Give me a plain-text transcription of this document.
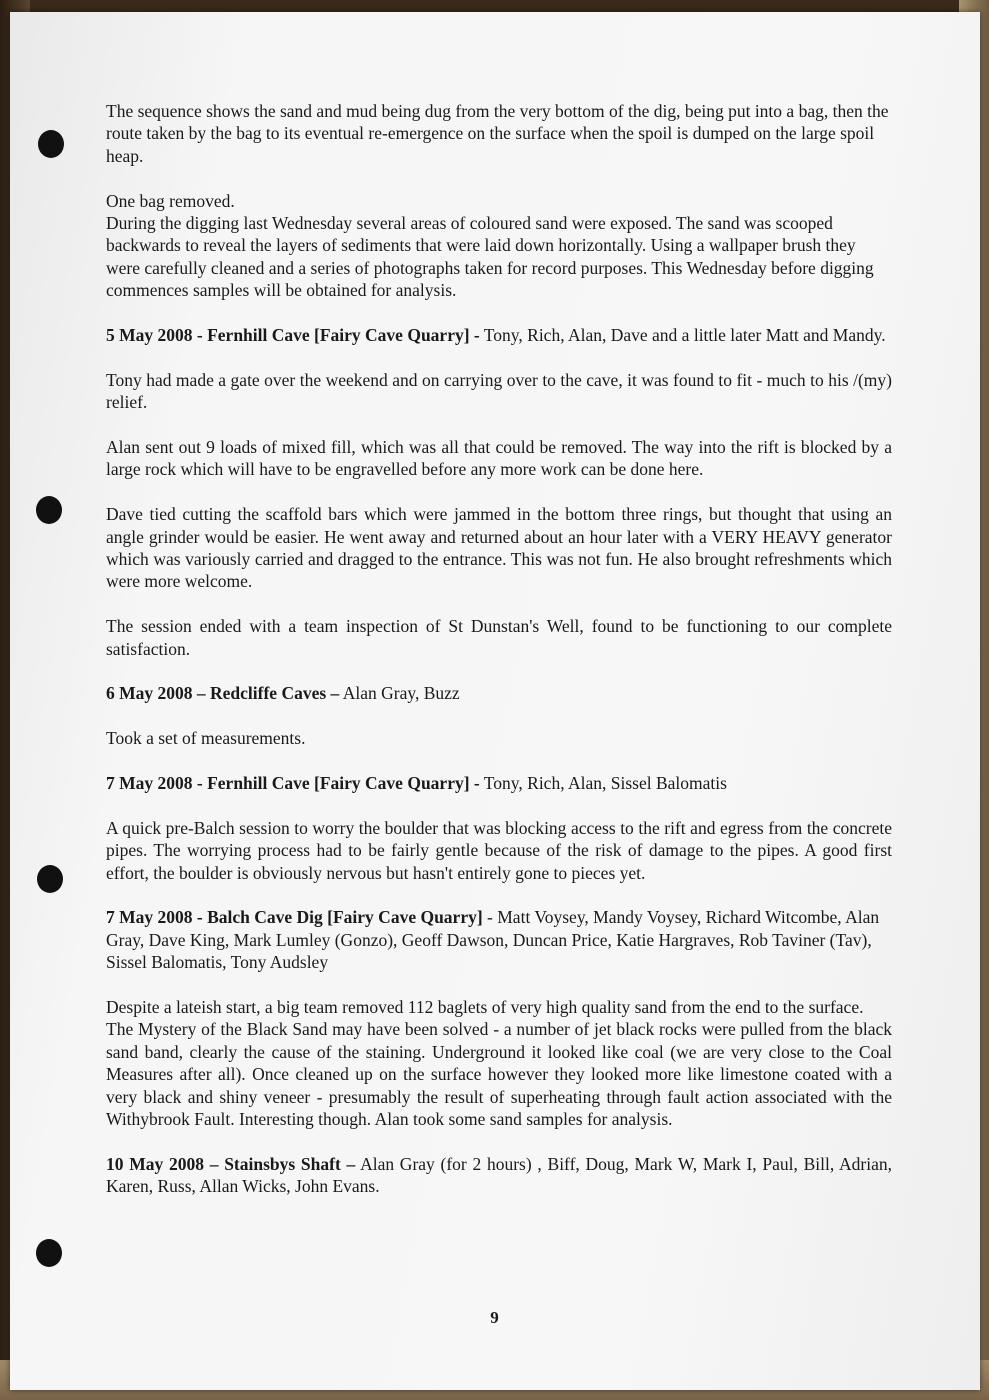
The sequence shows the sand and mud being dug from the very bottom of the dig, being put into a bag, then the route taken by the bag to its eventual re-emergence on the surface when the spoil is dumped on the large spoil heap.

One bag removed.

During the digging last Wednesday several areas of coloured sand were exposed. The sand was scooped backwards to reveal the layers of sediments that were laid down horizontally. Using a wallpaper brush they were carefully cleaned and a series of photographs taken for record purposes. This Wednesday before digging commences samples will be obtained for analysis.

5 May 2008 - Fernhill Cave [Fairy Cave Quarry] - Tony, Rich, Alan, Dave and a little later Matt and Mandy.

Tony had made a gate over the weekend and on carrying over to the cave, it was found to fit - much to his /(my) relief.

Alan sent out 9 loads of mixed fill, which was all that could be removed. The way into the rift is blocked by a large rock which will have to be engravelled before any more work can be done here.

Dave tied cutting the scaffold bars which were jammed in the bottom three rings, but thought that using an angle grinder would be easier. He went away and returned about an hour later with a VERY HEAVY generator which was variously carried and dragged to the entrance. This was not fun. He also brought refreshments which were more welcome.

The session ended with a team inspection of St Dunstan's Well, found to be functioning to our complete satisfaction.

6 May 2008 – Redcliffe Caves – Alan Gray, Buzz

Took a set of measurements.

7 May 2008 - Fernhill Cave [Fairy Cave Quarry] - Tony, Rich, Alan, Sissel Balomatis

A quick pre-Balch session to worry the boulder that was blocking access to the rift and egress from the concrete pipes. The worrying process had to be fairly gentle because of the risk of damage to the pipes. A good first effort, the boulder is obviously nervous but hasn't entirely gone to pieces yet.

7 May 2008 - Balch Cave Dig [Fairy Cave Quarry] - Matt Voysey, Mandy Voysey, Richard Witcombe, Alan Gray, Dave King, Mark Lumley (Gonzo), Geoff Dawson, Duncan Price, Katie Hargraves, Rob Taviner (Tav), Sissel Balomatis, Tony Audsley

Despite a lateish start, a big team removed 112 baglets of very high quality sand from the end to the surface.

The Mystery of the Black Sand may have been solved - a number of jet black rocks were pulled from the black sand band, clearly the cause of the staining. Underground it looked like coal (we are very close to the Coal Measures after all). Once cleaned up on the surface however they looked more like limestone coated with a very black and shiny veneer - presumably the result of superheating through fault action associated with the Withybrook Fault. Interesting though. Alan took some sand samples for analysis.

10 May 2008 – Stainsbys Shaft – Alan Gray (for 2 hours) , Biff, Doug, Mark W, Mark I, Paul, Bill, Adrian, Karen, Russ, Allan Wicks, John Evans.

9
